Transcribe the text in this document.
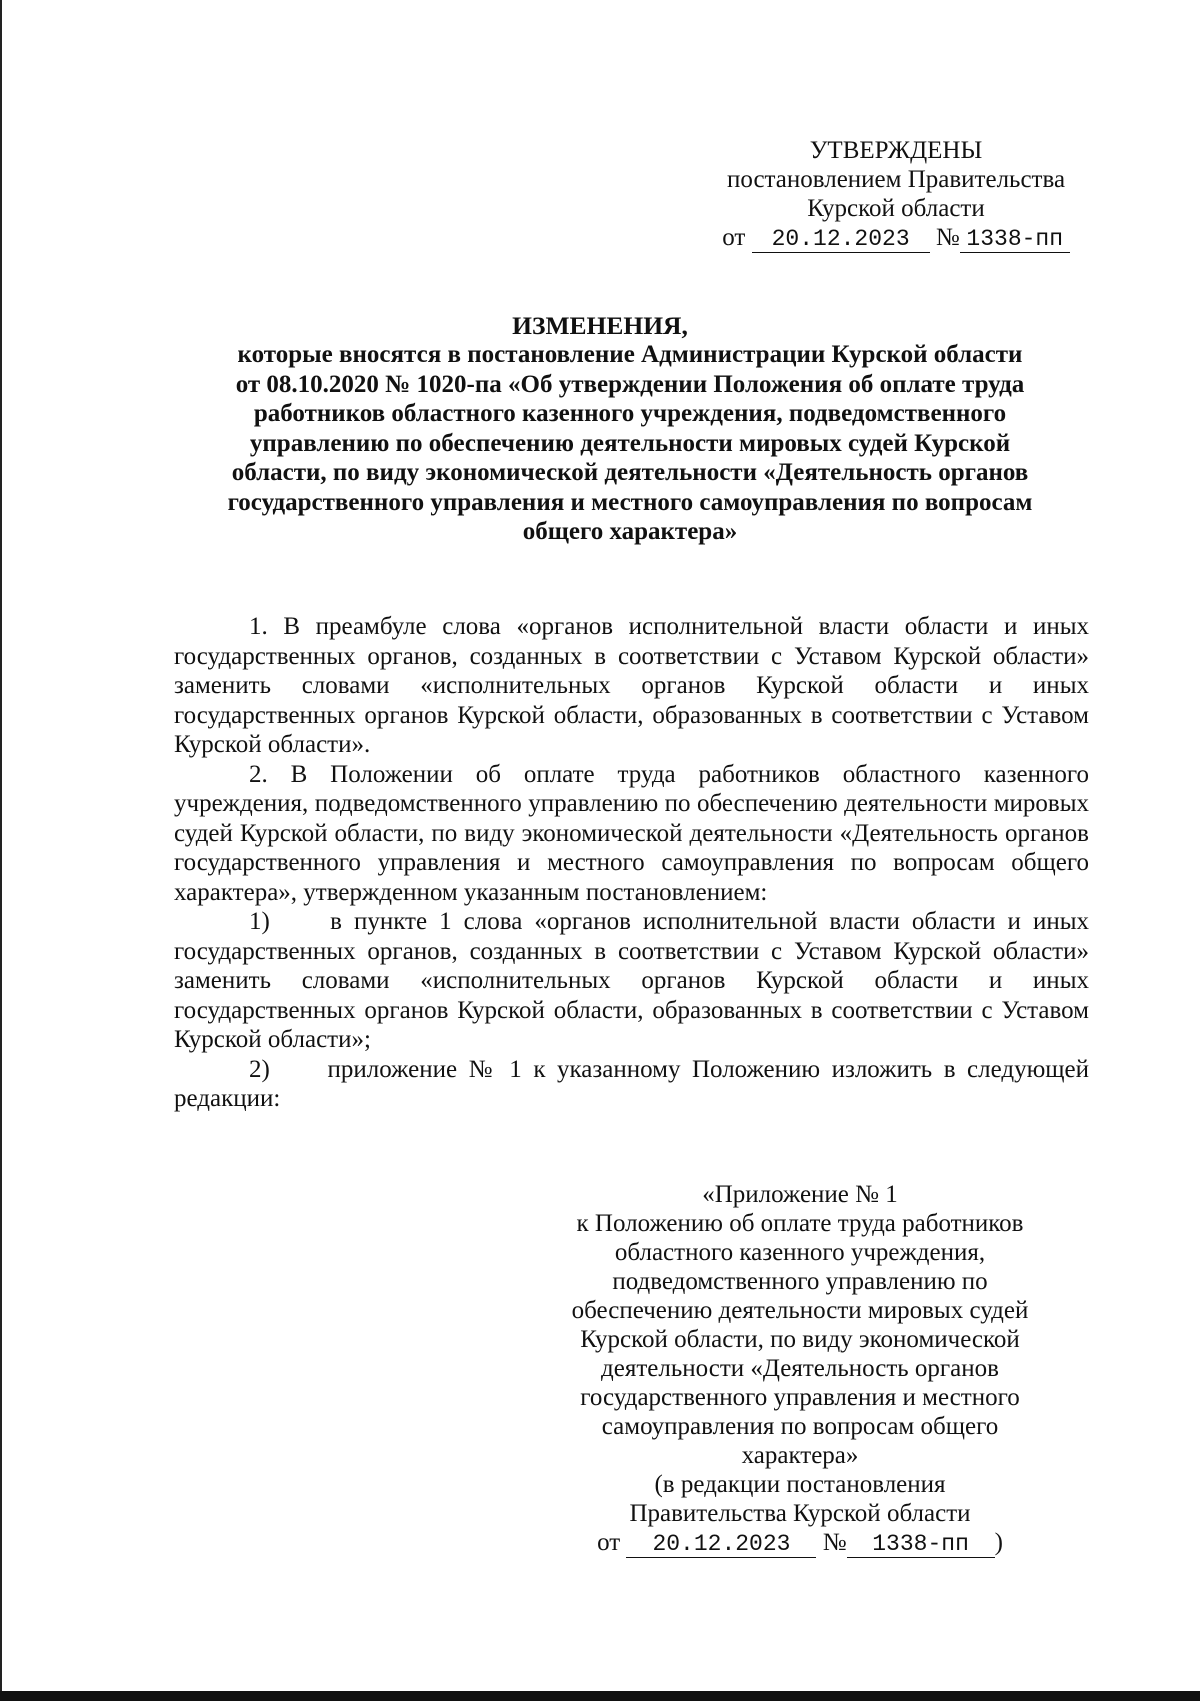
УТВЕРЖДЕНЫ
постановлением Правительства
Курской области
от 20.12.2023 № 1338-пп
ИЗМЕНЕНИЯ,
которые вносятся в постановление Администрации Курской области
от 08.10.2020 № 1020-па «Об утверждении Положения об оплате труда
работников областного казенного учреждения, подведомственного
управлению по обеспечению деятельности мировых судей Курской
области, по виду экономической деятельности «Деятельность органов
государственного управления и местного самоуправления по вопросам
общего характера»

1. В преамбуле слова «органов исполнительной власти области и иных государственных органов, созданных в соответствии с Уставом Курской области» заменить словами «исполнительных органов Курской области и иных государственных органов Курской области, образованных в соответствии с Уставом Курской области».

2. В Положении об оплате труда работников областного казенного учреждения, подведомственного управлению по обеспечению деятельности мировых судей Курской области, по виду экономической деятельности «Деятельность органов государственного управления и местного самоуправления по вопросам общего характера», утвержденном указанным постановлением:

1) в пункте 1 слова «органов исполнительной власти области и иных государственных органов, созданных в соответствии с Уставом Курской области» заменить словами «исполнительных органов Курской области и иных государственных органов Курской области, образованных в соответствии с Уставом Курской области»;

2) приложение № 1 к указанному Положению изложить в следующей редакции:

«Приложение № 1
к Положению об оплате труда работников
областного казенного учреждения,
подведомственного управлению по
обеспечению деятельности мировых судей
Курской области, по виду экономической
деятельности «Деятельность органов
государственного управления и местного
самоуправления по вопросам общего
характера»
(в редакции постановления
Правительства Курской области
от 20.12.2023 № 1338-пп )
